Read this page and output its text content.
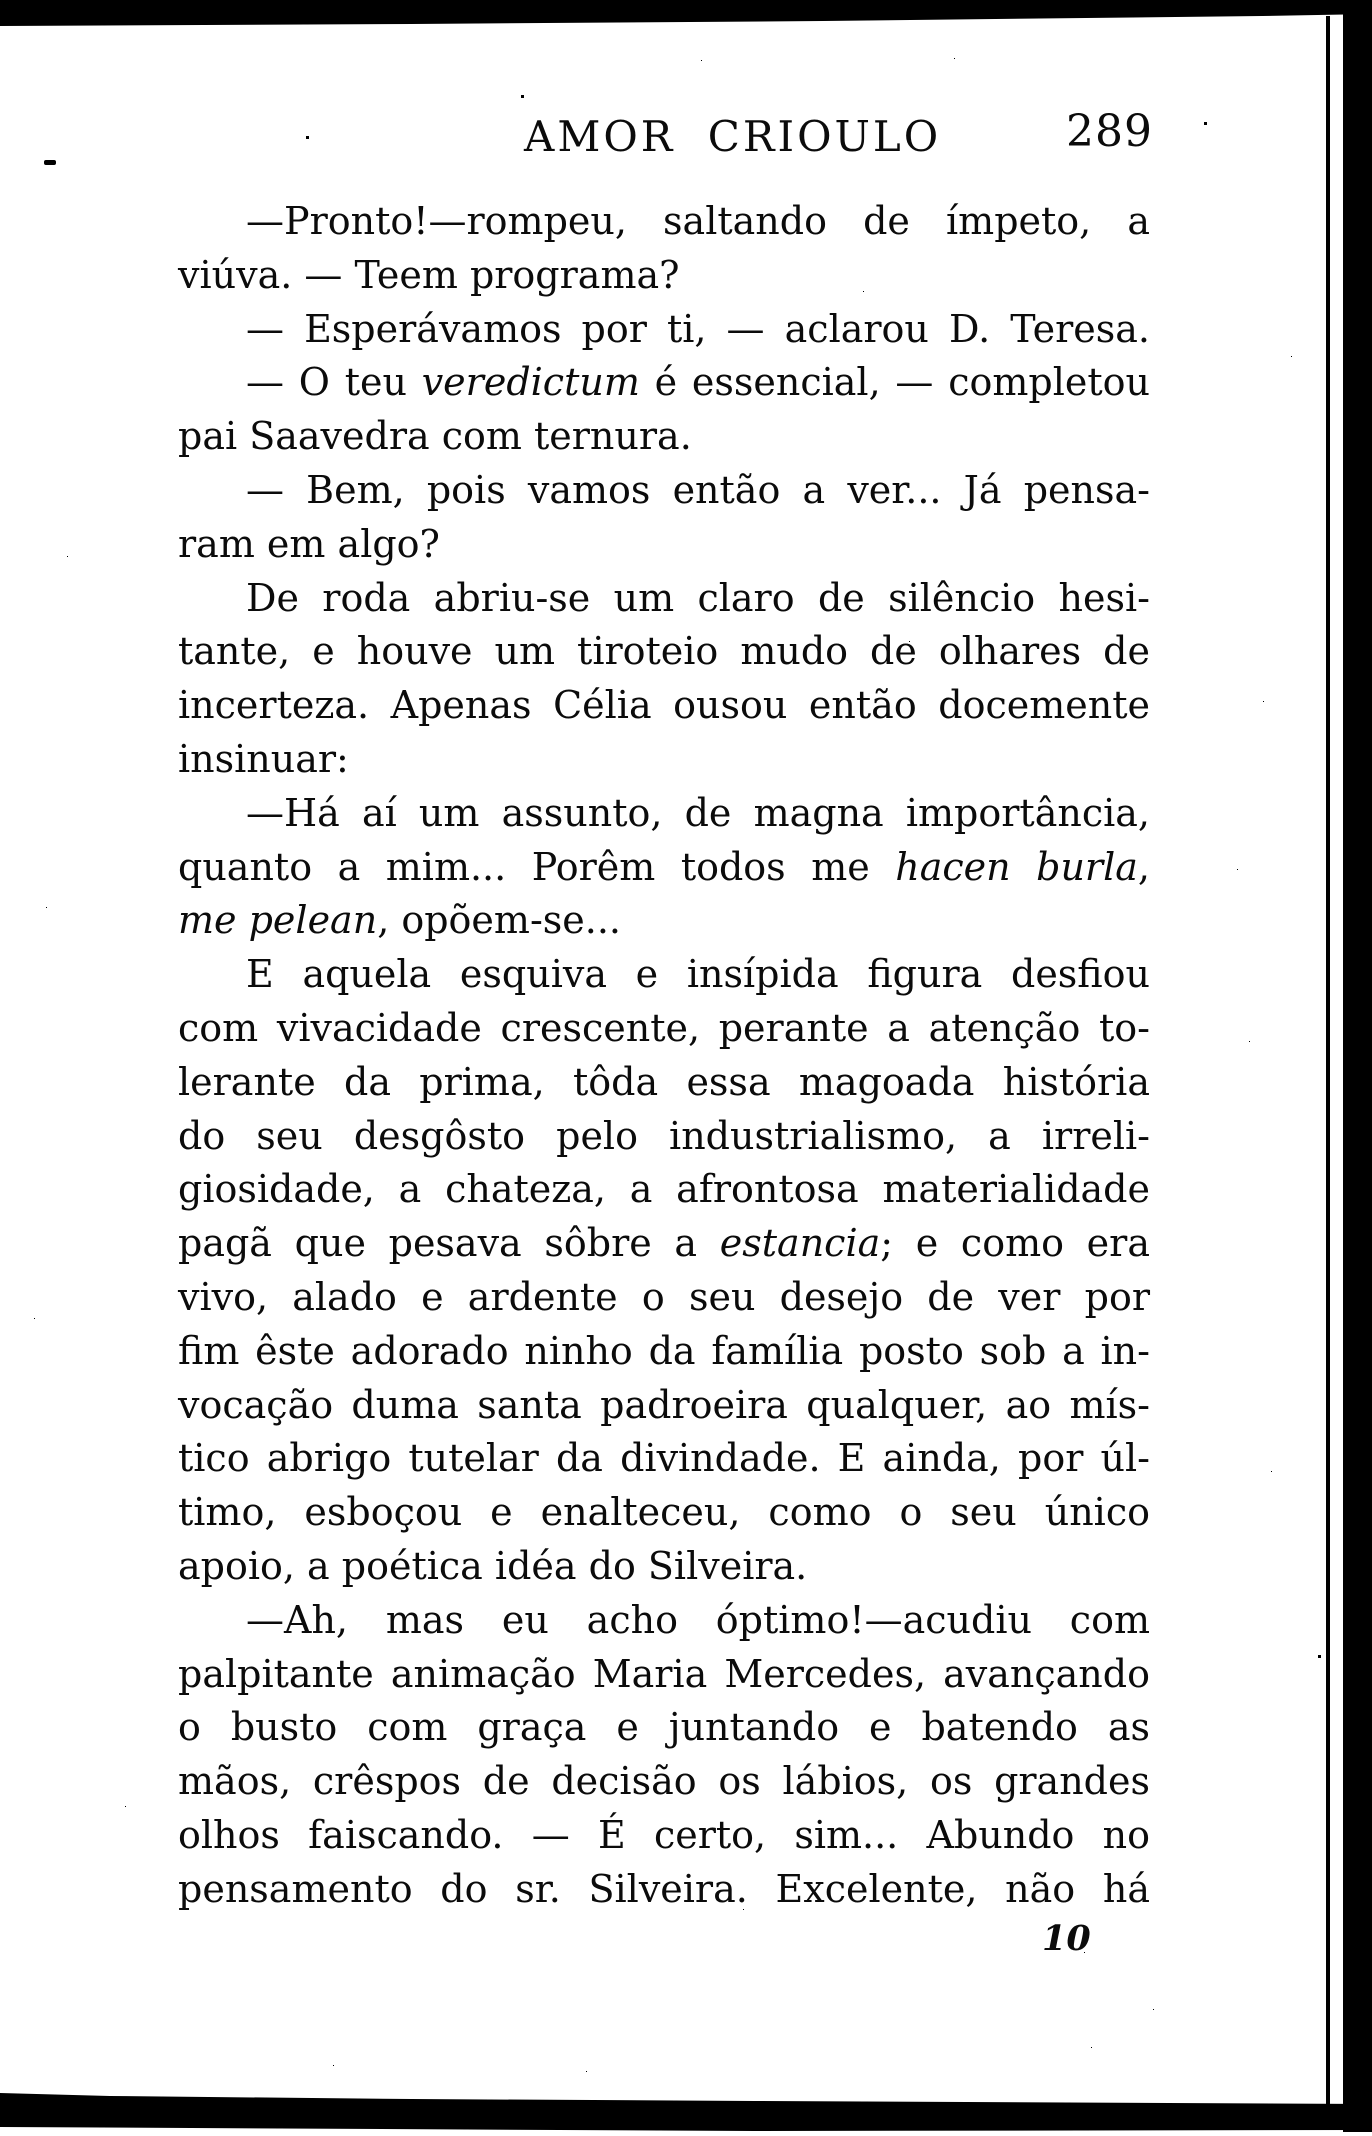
AMOR CRIOULO	289
—Pronto!—rompeu, saltando de ímpeto, a
viúva. — Teem programa?
— Esperávamos por ti, — aclarou D. Teresa.
— O teu veredictum é essencial, — completou
pai Saavedra com ternura.
— Bem, pois vamos então a ver... Já pensa-
ram em algo?
De roda abriu-se um claro de silêncio hesi-
tante, e houve um tiroteio mudo de olhares de
incerteza. Apenas Célia ousou então docemente
insinuar:
—Há aí um assunto, de magna importância,
quanto a mim... Porêm todos me hacen burla,
me pelean, opõem-se...
E aquela esquiva e insípida figura desfiou
com vivacidade crescente, perante a atenção to-
lerante da prima, tôda essa magoada história
do seu desgôsto pelo industrialismo, a irreli-
giosidade, a chateza, a afrontosa materialidade
pagã que pesava sôbre a estancia; e como era
vivo, alado e ardente o seu desejo de ver por
fim êste adorado ninho da família posto sob a in-
vocação duma santa padroeira qualquer, ao mís-
tico abrigo tutelar da divindade. E ainda, por úl-
timo, esboçou e enalteceu, como o seu único
apoio, a poética idéa do Silveira.
—Ah, mas eu acho óptimo!—acudiu com
palpitante animação Maria Mercedes, avançando
o busto com graça e juntando e batendo as
mãos, crêspos de decisão os lábios, os grandes
olhos faiscando. — É certo, sim... Abundo no
pensamento do sr. Silveira. Excelente, não há
10
